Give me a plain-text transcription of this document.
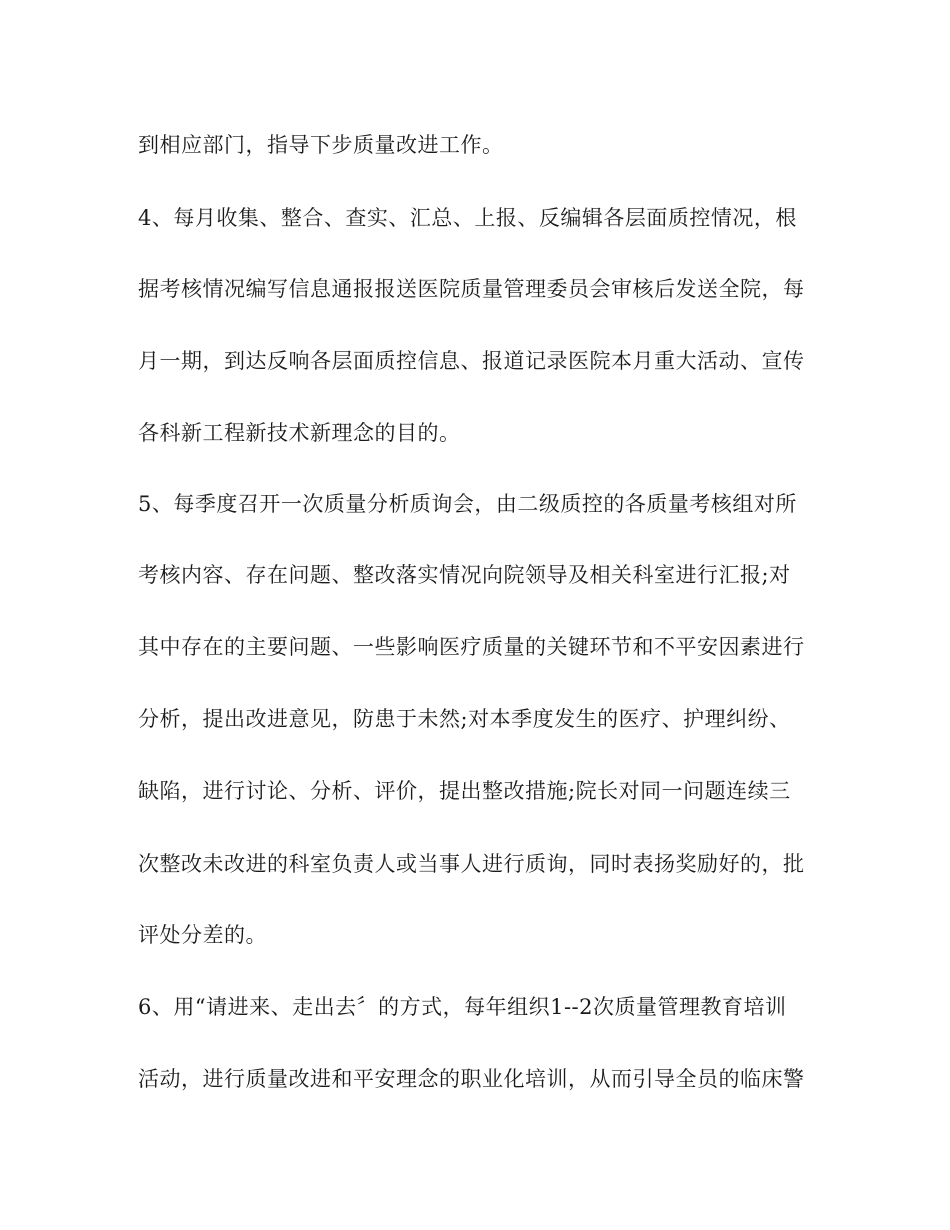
到相应部门，指导下步质量改进工作。
4、每月收集、整合、查实、汇总、上报、反编辑各层面质控情况，根
据考核情况编写信息通报报送医院质量管理委员会审核后发送全院，每
月一期，到达反响各层面质控信息、报道记录医院本月重大活动、宣传
各科新工程新技术新理念的目的。
5、每季度召开一次质量分析质询会，由二级质控的各质量考核组对所
考核内容、存在问题、整改落实情况向院领导及相关科室进行汇报;对
其中存在的主要问题、一些影响医疗质量的关键环节和不平安因素进行
分析，提出改进意见，防患于未然;对本季度发生的医疗、护理纠纷、
缺陷，进行讨论、分析、评价，提出整改措施;院长对同一问题连续三
次整改未改进的科室负责人或当事人进行质询，同时表扬奖励好的，批
评处分差的。
6、用“请进来、走出去〞的方式，每年组织1--2次质量管理教育培训
活动，进行质量改进和平安理念的职业化培训，从而引导全员的临床警
